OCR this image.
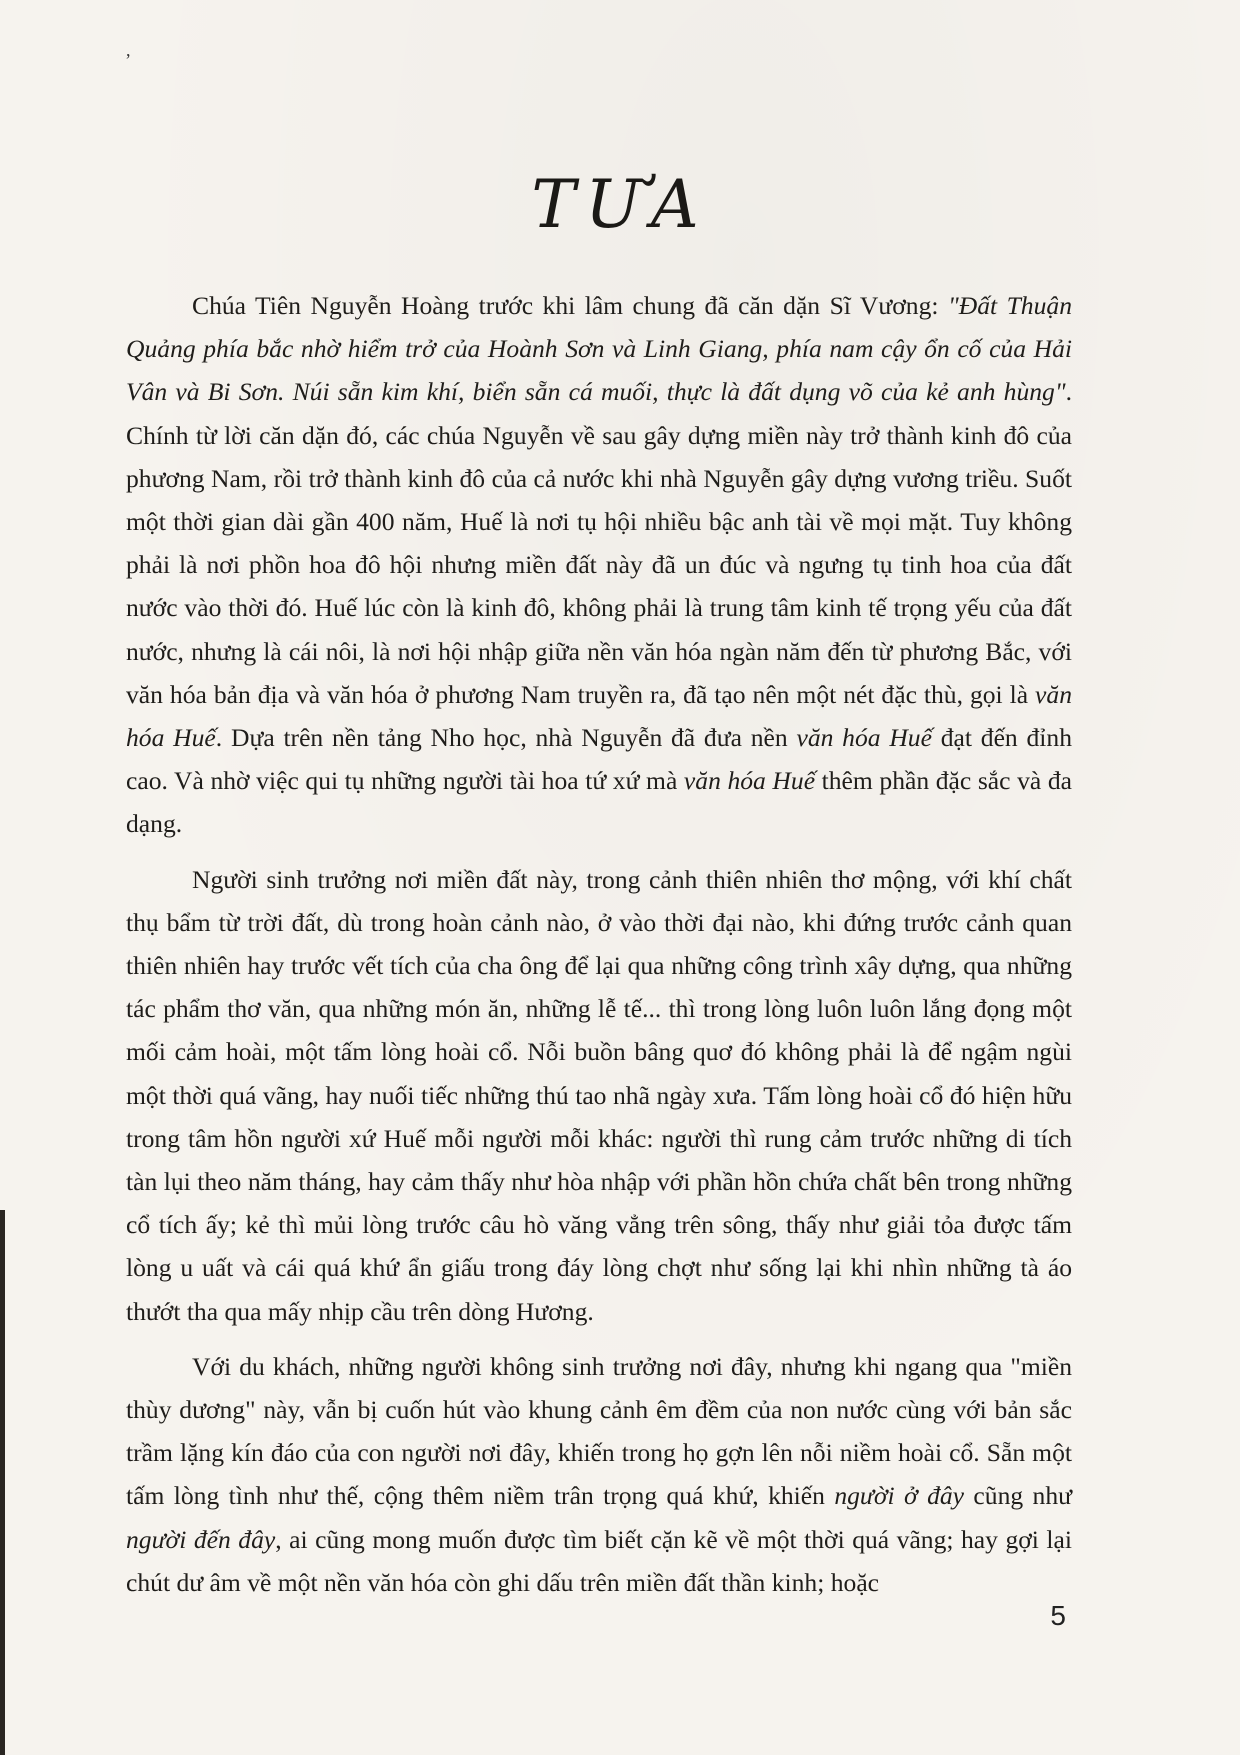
,
TƯA

Chúa Tiên Nguyễn Hoàng trước khi lâm chung đã căn dặn Sĩ Vương: "Đất Thuận Quảng phía bắc nhờ hiểm trở của Hoành Sơn và Linh Giang, phía nam cậy ổn cố của Hải Vân và Bi Sơn. Núi sẵn kim khí, biển sẵn cá muối, thực là đất dụng võ của kẻ anh hùng". Chính từ lời căn dặn đó, các chúa Nguyễn về sau gây dựng miền này trở thành kinh đô của phương Nam, rồi trở thành kinh đô của cả nước khi nhà Nguyễn gây dựng vương triều. Suốt một thời gian dài gần 400 năm, Huế là nơi tụ hội nhiều bậc anh tài về mọi mặt. Tuy không phải là nơi phồn hoa đô hội nhưng miền đất này đã un đúc và ngưng tụ tinh hoa của đất nước vào thời đó. Huế lúc còn là kinh đô, không phải là trung tâm kinh tế trọng yếu của đất nước, nhưng là cái nôi, là nơi hội nhập giữa nền văn hóa ngàn năm đến từ phương Bắc, với văn hóa bản địa và văn hóa ở phương Nam truyền ra, đã tạo nên một nét đặc thù, gọi là văn hóa Huế. Dựa trên nền tảng Nho học, nhà Nguyễn đã đưa nền văn hóa Huế đạt đến đỉnh cao. Và nhờ việc qui tụ những người tài hoa tứ xứ mà văn hóa Huế thêm phần đặc sắc và đa dạng.

Người sinh trưởng nơi miền đất này, trong cảnh thiên nhiên thơ mộng, với khí chất thụ bẩm từ trời đất, dù trong hoàn cảnh nào, ở vào thời đại nào, khi đứng trước cảnh quan thiên nhiên hay trước vết tích của cha ông để lại qua những công trình xây dựng, qua những tác phẩm thơ văn, qua những món ăn, những lễ tế... thì trong lòng luôn luôn lắng đọng một mối cảm hoài, một tấm lòng hoài cổ. Nỗi buồn bâng quơ đó không phải là để ngậm ngùi một thời quá vãng, hay nuối tiếc những thú tao nhã ngày xưa. Tấm lòng hoài cổ đó hiện hữu trong tâm hồn người xứ Huế mỗi người mỗi khác: người thì rung cảm trước những di tích tàn lụi theo năm tháng, hay cảm thấy như hòa nhập với phần hồn chứa chất bên trong những cổ tích ấy; kẻ thì mủi lòng trước câu hò văng vẳng trên sông, thấy như giải tỏa được tấm lòng u uất và cái quá khứ ẩn giấu trong đáy lòng chợt như sống lại khi nhìn những tà áo thướt tha qua mấy nhịp cầu trên dòng Hương.

Với du khách, những người không sinh trưởng nơi đây, nhưng khi ngang qua "miền thùy dương" này, vẫn bị cuốn hút vào khung cảnh êm đềm của non nước cùng với bản sắc trầm lặng kín đáo của con người nơi đây, khiến trong họ gợn lên nỗi niềm hoài cổ. Sẵn một tấm lòng tình như thế, cộng thêm niềm trân trọng quá khứ, khiến người ở đây cũng như người đến đây, ai cũng mong muốn được tìm biết cặn kẽ về một thời quá vãng; hay gợi lại chút dư âm về một nền văn hóa còn ghi dấu trên miền đất thần kinh; hoặc

5
